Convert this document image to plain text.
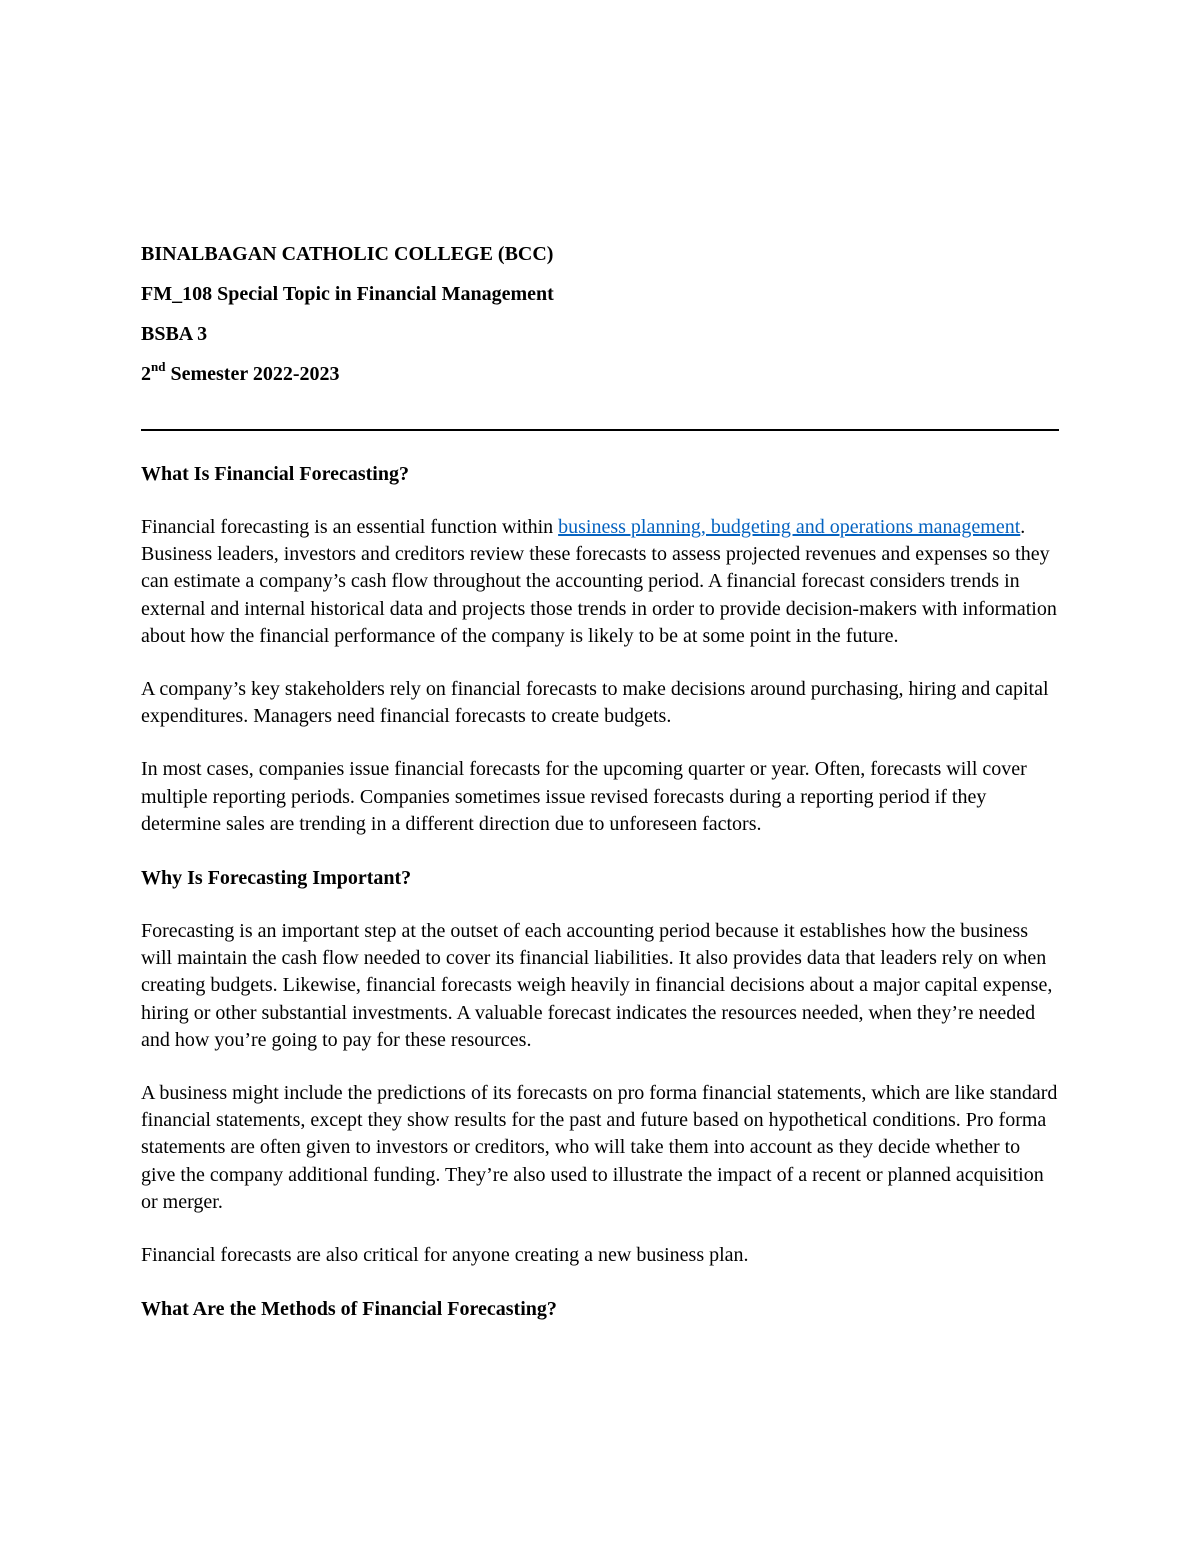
BINALBAGAN CATHOLIC COLLEGE (BCC)
FM_108 Special Topic in Financial Management
BSBA 3
2nd Semester 2022-2023
What Is Financial Forecasting?

Financial forecasting is an essential function within business planning, budgeting and operations management. Business leaders, investors and creditors review these forecasts to assess projected revenues and expenses so they can estimate a company’s cash flow throughout the accounting period. A financial forecast considers trends in external and internal historical data and projects those trends in order to provide decision-makers with information about how the financial performance of the company is likely to be at some point in the future.

A company’s key stakeholders rely on financial forecasts to make decisions around purchasing, hiring and capital expenditures. Managers need financial forecasts to create budgets.

In most cases, companies issue financial forecasts for the upcoming quarter or year. Often, forecasts will cover multiple reporting periods. Companies sometimes issue revised forecasts during a reporting period if they determine sales are trending in a different direction due to unforeseen factors.

Why Is Forecasting Important?

Forecasting is an important step at the outset of each accounting period because it establishes how the business will maintain the cash flow needed to cover its financial liabilities. It also provides data that leaders rely on when creating budgets. Likewise, financial forecasts weigh heavily in financial decisions about a major capital expense, hiring or other substantial investments. A valuable forecast indicates the resources needed, when they’re needed and how you’re going to pay for these resources.

A business might include the predictions of its forecasts on pro forma financial statements, which are like standard financial statements, except they show results for the past and future based on hypothetical conditions. Pro forma statements are often given to investors or creditors, who will take them into account as they decide whether to give the company additional funding. They’re also used to illustrate the impact of a recent or planned acquisition or merger.

Financial forecasts are also critical for anyone creating a new business plan.

What Are the Methods of Financial Forecasting?
